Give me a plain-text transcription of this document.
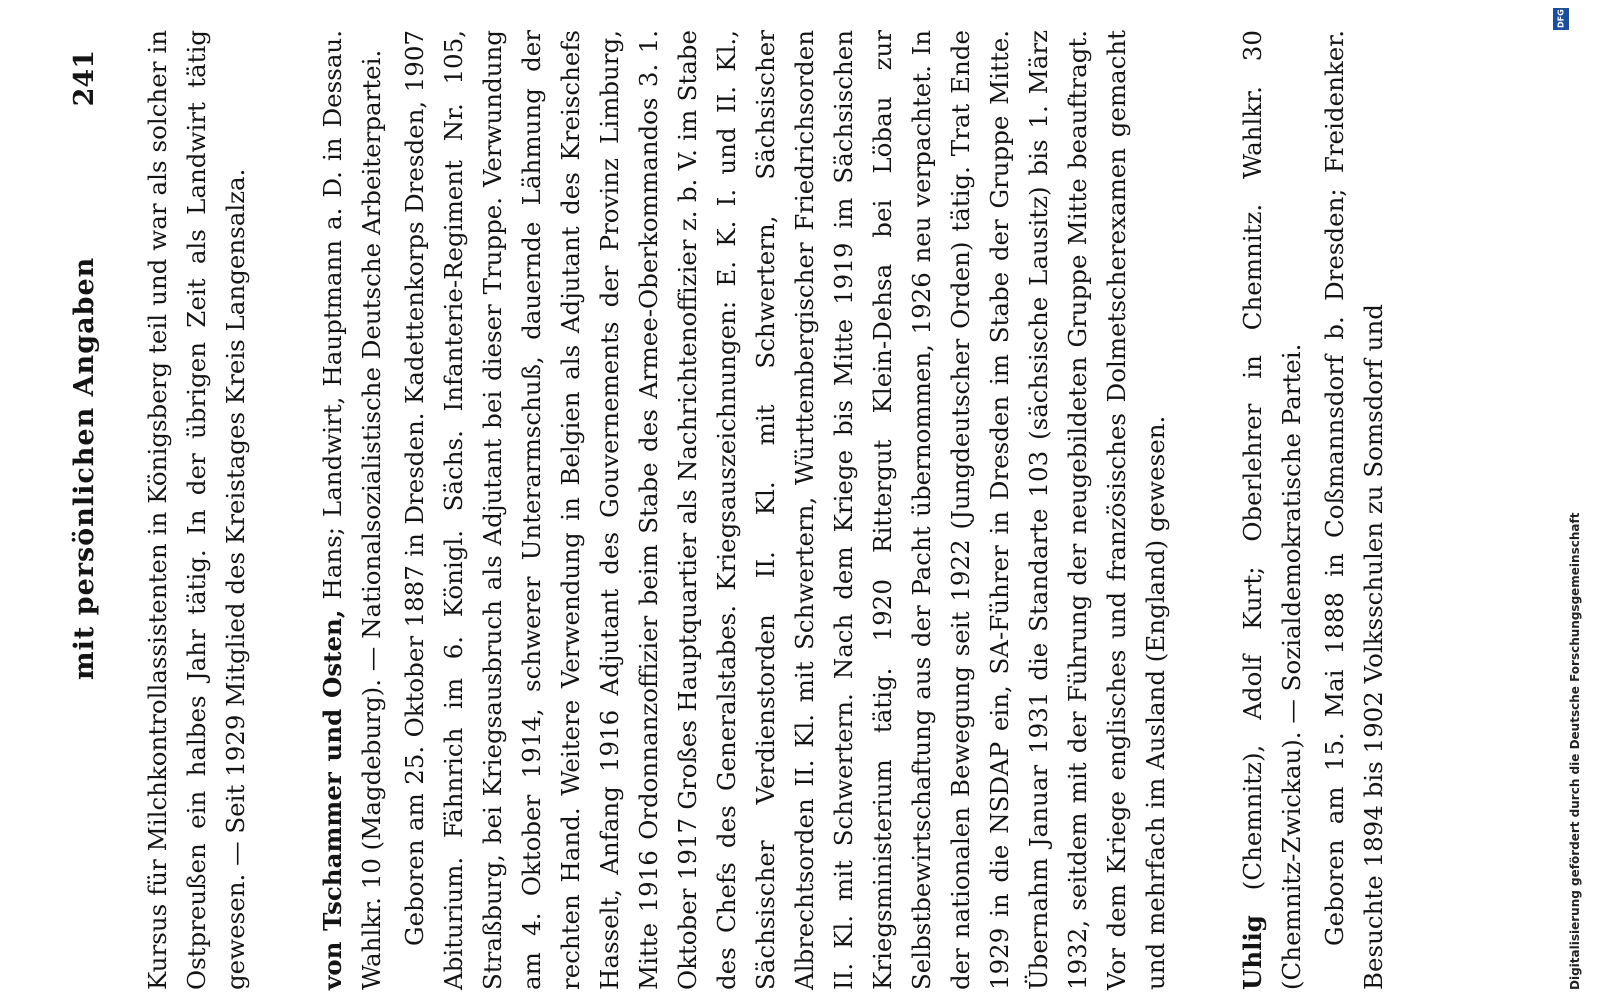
mit persönlichen Angaben
241 Kursus für Milchkontrollassistenten in Königsberg teil und war als solcher in Ostpreußen ein halbes Jahr tätig. In der übrigen Zeit als Landwirt tätig gewesen. — Seit 1929 Mitglied des Kreistages Kreis Langensalza.	von Tschammer und Osten, Hans; Landwirt, Hauptmann a. D. in Dessau. Wahlkr. 10 (Magdeburg). — Nationalsozialistische Deutsche Arbeiterpartei. Geboren am 25. Oktober 1887 in Dresden. Kadettenkorps Dresden, 1907 Abiturium. Fähnrich im 6. Königl. Sächs. Infanterie-Regiment Nr. 105, Straßburg, bei Kriegsausbruch als Adjutant bei dieser Truppe. Verwundung am 4. Oktober 1914, schwerer Unterarmschuß, dauernde Lähmung der rechten Hand. Weitere Verwendung in Belgien als Adjutant des Kreischefs Hasselt, Anfang 1916 Adjutant des Gouvernements der Provinz Limburg, Mitte 1916 Ordonnanzoffizier beim Stabe des Armee-Oberkommandos 3. 1. Oktober 1917 Großes Hauptquartier als Nachrichtenoffizier z. b. V. im Stabe des Chefs des Generalstabes. Kriegsauszeichnungen: E. K. I. und II. Kl., Sächsischer Verdienstorden II. Kl. mit Schwertern, Sächsischer Albrechtsorden II. Kl. mit Schwertern, Württembergischer Friedrichsorden II. Kl. mit Schwertern. Nach dem Kriege bis Mitte 1919 im Sächsischen Kriegsministerium tätig. 1920 Rittergut Klein-Dehsa bei Löbau zur Selbstbewirtschaftung aus der Pacht übernommen, 1926 neu verpachtet. In der nationalen Bewegung seit 1922 (Jungdeutscher Orden) tätig. Trat Ende 1929 in die NSDAP ein, SA-Führer in Dresden im Stabe der Gruppe Mitte. Übernahm Januar 1931 die Standarte 103 (sächsische Lausitz) bis 1. März 1932, seitdem mit der Führung der neugebildeten Gruppe Mitte beauftragt. Vor dem Kriege englisches und französisches Dolmetscherexamen gemacht und mehrfach im Ausland (England) gewesen.	Uhlig (Chemnitz), Adolf Kurt; Oberlehrer in Chemnitz. Wahlkr. 30 (Chemnitz-Zwickau). — Sozialdemokratische Partei. Geboren am 15. Mai 1888 in Coßmannsdorf b. Dresden; Freidenker. Besuchte 1894 bis 1902 Volksschulen zu Somsdorf und	Digitalisierung gefördert durch die Deutsche Forschungsgemeinschaft
DFG
